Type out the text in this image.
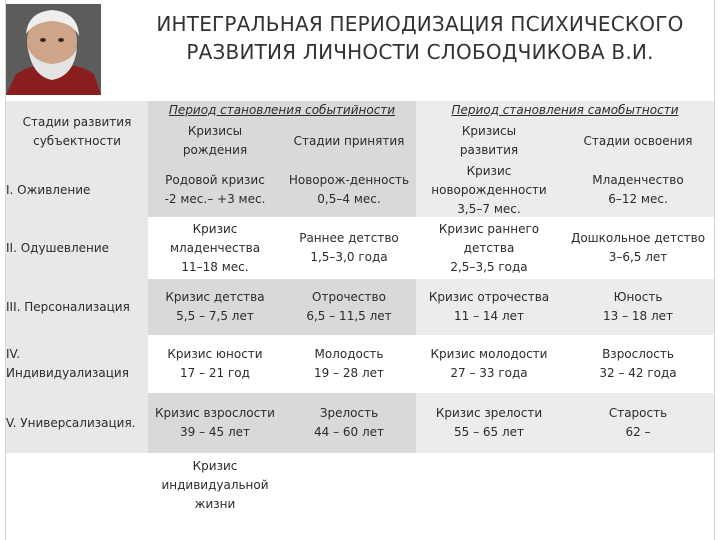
ИНТЕГРАЛЬНАЯ ПЕРИОДИЗАЦИЯ ПСИХИЧЕСКОГО
РАЗВИТИЯ ЛИЧНОСТИ СЛОБОДЧИКОВА В.И.
Стадии развития
субъектности
Период становления событийности	Период становления самобытности
Кризисы
рождения
Стадии принятия
Кризисы
развития
Стадии освоения
I. Оживление
Родовой кризис
-2 мес.– +3 мес.
Новорож-денность
0,5–4 мес.
Кризис
новорожденности
3,5–7 мес.
Младенчество
6–12 мес.
II. Одушевление
Кризис
младенчества
11–18 мес.
Раннее детство
1,5–3,0 года
Кризис раннего
детства
2,5–3,5 года
Дошкольное детство
3–6,5 лет
III. Персонализация
Кризис детства
5,5 – 7,5 лет
Отрочество
6,5 – 11,5 лет
Кризис отрочества
11 – 14 лет
Юность
13 – 18 лет
IV. Индивидуализация
Кризис юности
17 – 21 год
Молодость
19 – 28 лет
Кризис молодости
27 – 33 года
Взрослость
32 – 42 года
V. Универсализация.
Кризис взрослости
39 – 45 лет
Зрелость
44 – 60 лет
Кризис зрелости
55 – 65 лет
Старость
62 –
Кризис
индивидуальной
жизни
